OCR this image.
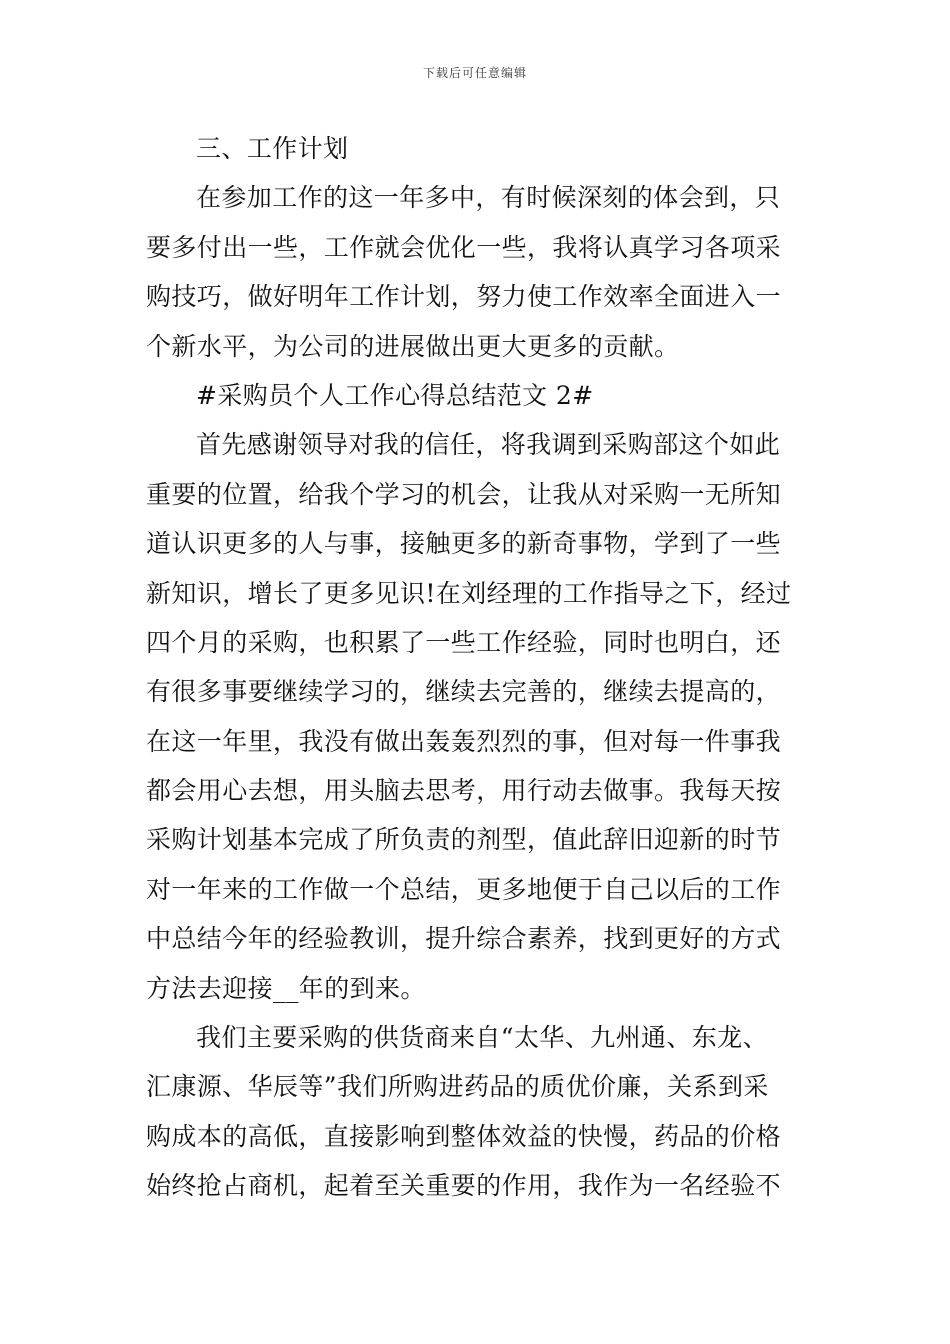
下载后可任意编辑
三、工作计划
在参加工作的这一年多中，有时候深刻的体会到，只
要多付出一些，工作就会优化一些，我将认真学习各项采
购技巧，做好明年工作计划，努力使工作效率全面进入一
个新水平，为公司的进展做出更大更多的贡献。
#采购员个人工作心得总结范文 2#
首先感谢领导对我的信任，将我调到采购部这个如此
重要的位置，给我个学习的机会，让我从对采购一无所知
道认识更多的人与事，接触更多的新奇事物，学到了一些
新知识，增长了更多见识!在刘经理的工作指导之下，经过
四个月的采购，也积累了一些工作经验，同时也明白，还
有很多事要继续学习的，继续去完善的，继续去提高的，
在这一年里，我没有做出轰轰烈烈的事，但对每一件事我
都会用心去想，用头脑去思考，用行动去做事。我每天按
采购计划基本完成了所负责的剂型，值此辞旧迎新的时节
对一年来的工作做一个总结，更多地便于自己以后的工作
中总结今年的经验教训，提升综合素养，找到更好的方式
方法去迎接__年的到来。
我们主要采购的供货商来自“太华、九州通、东龙、
汇康源、华辰等”我们所购进药品的质优价廉，关系到采
购成本的高低，直接影响到整体效益的快慢，药品的价格
始终抢占商机，起着至关重要的作用，我作为一名经验不
